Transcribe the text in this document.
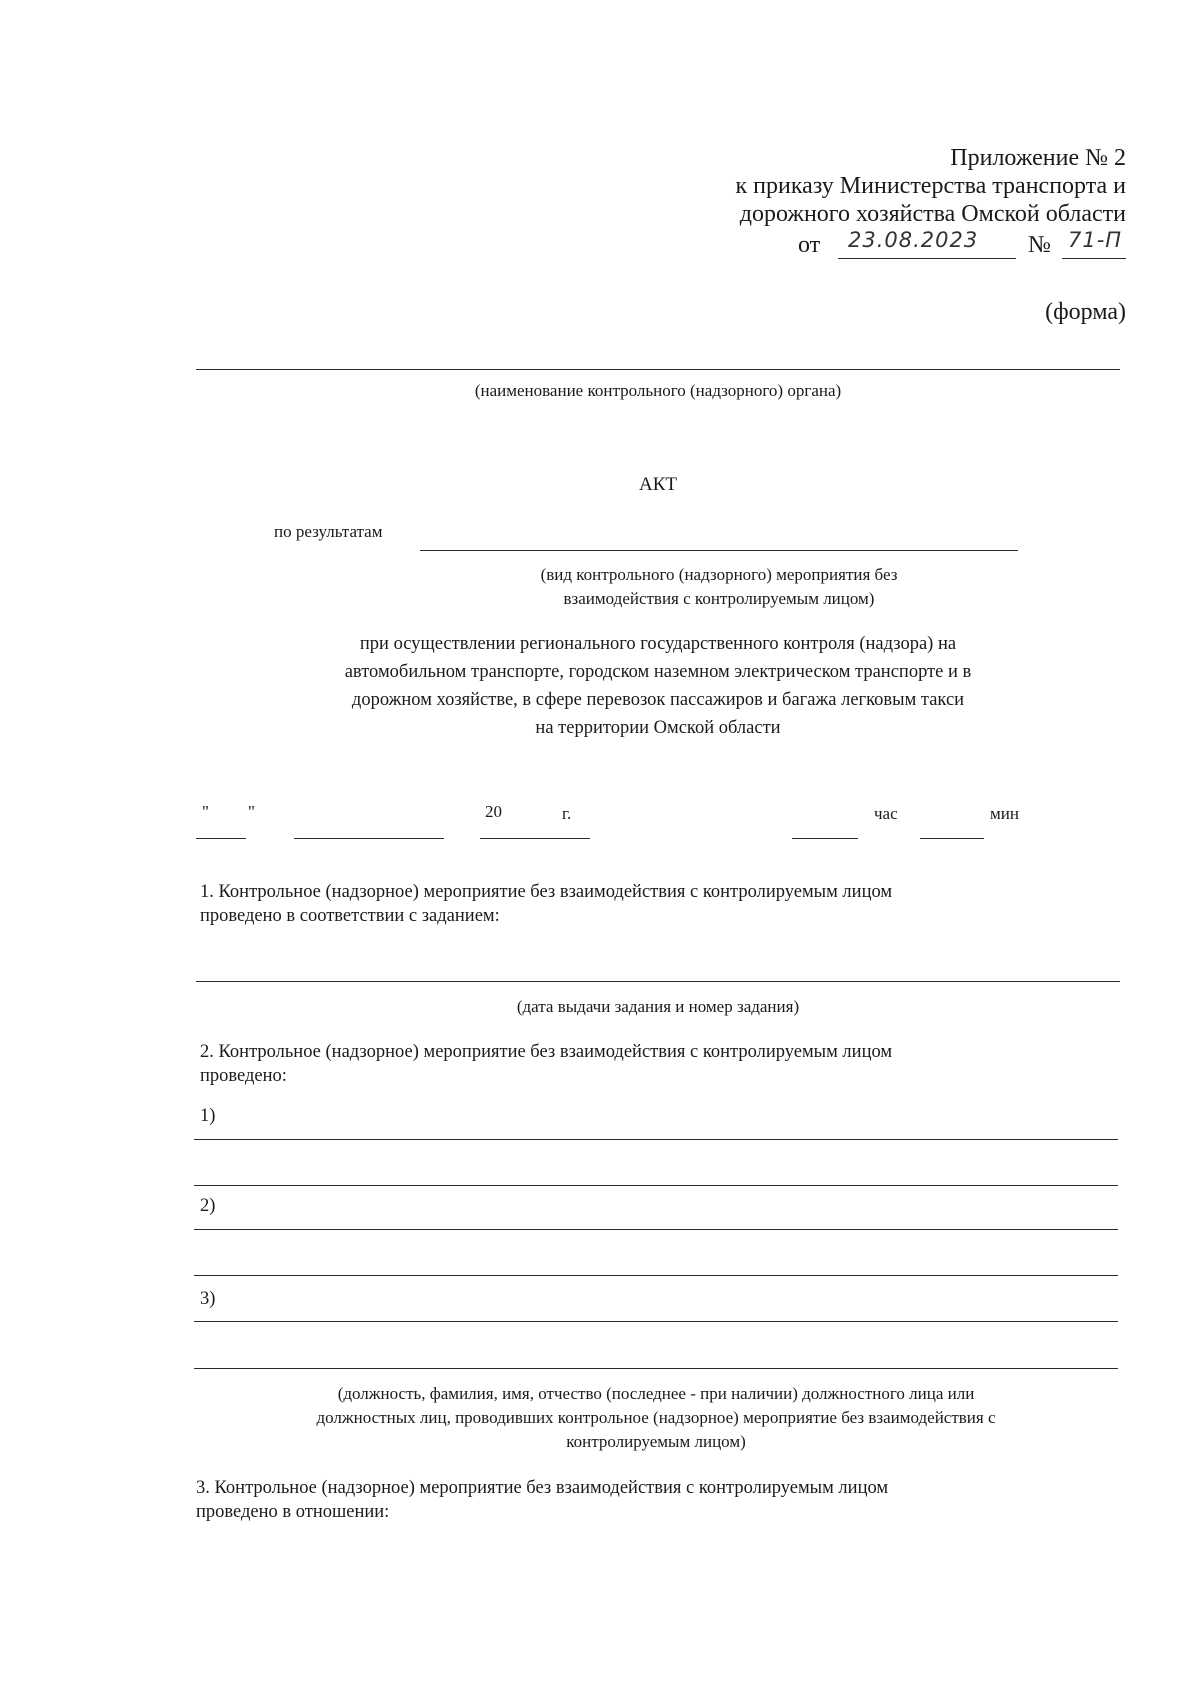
Приложение № 2
к приказу Министерства транспорта и
дорожного хозяйства Омской области
от 23.08.2023 № 71-П
(форма)
(наименование контрольного (надзорного) органа)
АКТ
по результатам
(вид контрольного (надзорного) мероприятия без
взаимодействия с контролируемым лицом)
при осуществлении регионального государственного контроля (надзора) на
автомобильном транспорте, городском наземном электрическом транспорте и в
дорожном хозяйстве, в сфере перевозок пассажиров и багажа легковым такси
на территории Омской области
" "	20	г.	час	мин
1. Контрольное (надзорное) мероприятие без взаимодействия с контролируемым лицом
проведено в соответствии с заданием:
(дата выдачи задания и номер задания)
2. Контрольное (надзорное) мероприятие без взаимодействия с контролируемым лицом
проведено:
1)
2)
3)
(должность, фамилия, имя, отчество (последнее - при наличии) должностного лица или
должностных лиц, проводивших контрольное (надзорное) мероприятие без взаимодействия с
контролируемым лицом)
3. Контрольное (надзорное) мероприятие без взаимодействия с контролируемым лицом
проведено в отношении:
